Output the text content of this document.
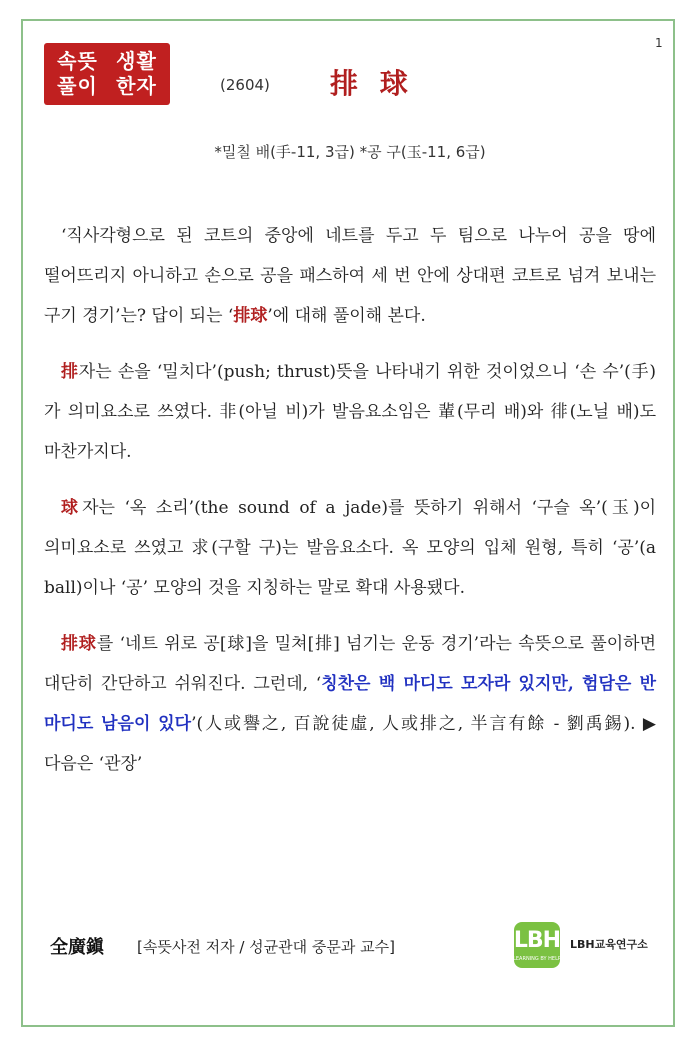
1
속뜻
풀이
생활
한자	(2604) 排 球
*밀칠 배(手-11, 3급) *공 구(玉-11, 6급)

‘직사각형으로 된 코트의 중앙에 네트를 두고 두 팀으로 나누어 공을 땅에 떨어뜨리지 아니하고 손으로 공을 패스하여 세 번 안에 상대편 코트로 넘겨 보내는 구기 경기’는? 답이 되는 ‘排球’에 대해 풀이해 본다.

排자는 손을 ‘밀치다’(push; thrust)뜻을 나타내기 위한 것이었으니 ‘손 수’(手)가 의미요소로 쓰였다. 非(아닐 비)가 발음요소임은 輩(무리 배)와 徘(노닐 배)도 마찬가지다.

球자는 ‘옥 소리’(the sound of a jade)를 뜻하기 위해서 ‘구슬 옥’(玉)이 의미요소로 쓰였고 求(구할 구)는 발음요소다. 옥 모양의 입체 원형, 특히 ‘공’(a ball)이나 ‘공’ 모양의 것을 지칭하는 말로 확대 사용됐다.

排球를 ‘네트 위로 공[球]을 밀쳐[排] 넘기는 운동 경기’라는 속뜻으로 풀이하면 대단히 간단하고 쉬워진다. 그런데, ‘칭찬은 백 마디도 모자라 있지만, 험담은 반 마디도 남음이 있다’(人或譽之, 百說徒虛, 人或排之, 半言有餘 - 劉禹錫). ▶ 다음은 ‘관장’

全廣鎭 [속뜻사전 저자 / 성균관대 중문과 교수]	LBH
LEARNING BY HELP
LBH교육연구소
